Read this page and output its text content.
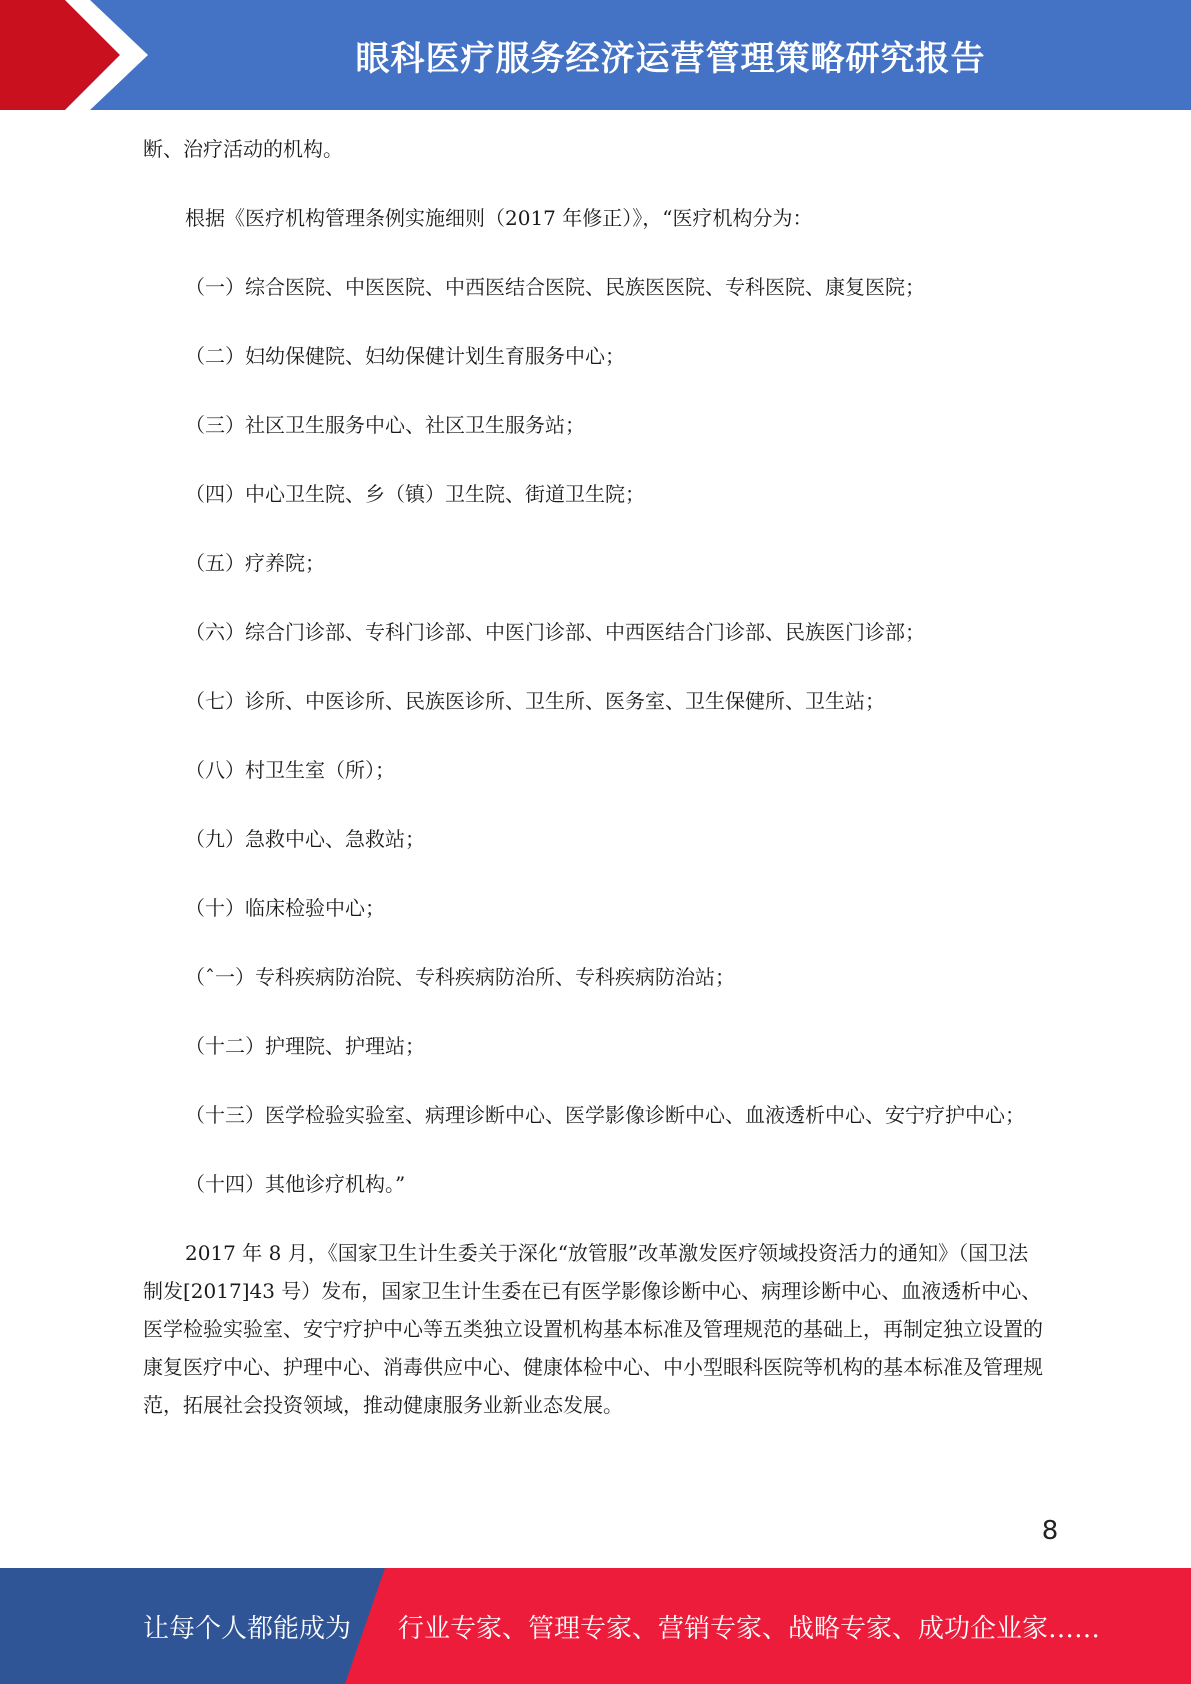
眼科医疗服务经济运营管理策略研究报告

断、治疗活动的机构。

根据《医疗机构管理条例实施细则（2017 年修正）》，“医疗机构分为：

（一）综合医院、中医医院、中西医结合医院、民族医医院、专科医院、康复医院；

（二）妇幼保健院、妇幼保健计划生育服务中心；

（三）社区卫生服务中心、社区卫生服务站；

（四）中心卫生院、乡（镇）卫生院、街道卫生院；

（五）疗养院；

（六）综合门诊部、专科门诊部、中医门诊部、中西医结合门诊部、民族医门诊部；

（七）诊所、中医诊所、民族医诊所、卫生所、医务室、卫生保健所、卫生站；

（八）村卫生室（所）；

（九）急救中心、急救站；

（十）临床检验中心；

（ˆ一）专科疾病防治院、专科疾病防治所、专科疾病防治站；

（十二）护理院、护理站；

（十三）医学检验实验室、病理诊断中心、医学影像诊断中心、血液透析中心、安宁疗护中心；

（十四）其他诊疗机构。”

2017 年 8 月，《国家卫生计生委关于深化“放管服”改革激发医疗领域投资活力的通知》（国卫法制发[2017]43 号）发布，国家卫生计生委在已有医学影像诊断中心、病理诊断中心、血液透析中心、医学检验实验室、安宁疗护中心等五类独立设置机构基本标准及管理规范的基础上，再制定独立设置的康复医疗中心、护理中心、消毒供应中心、健康体检中心、中小型眼科医院等机构的基本标准及管理规范，拓展社会投资领域，推动健康服务业新业态发展。

8
让每个人都能成为 行业专家、管理专家、营销专家、战略专家、成功企业家……
